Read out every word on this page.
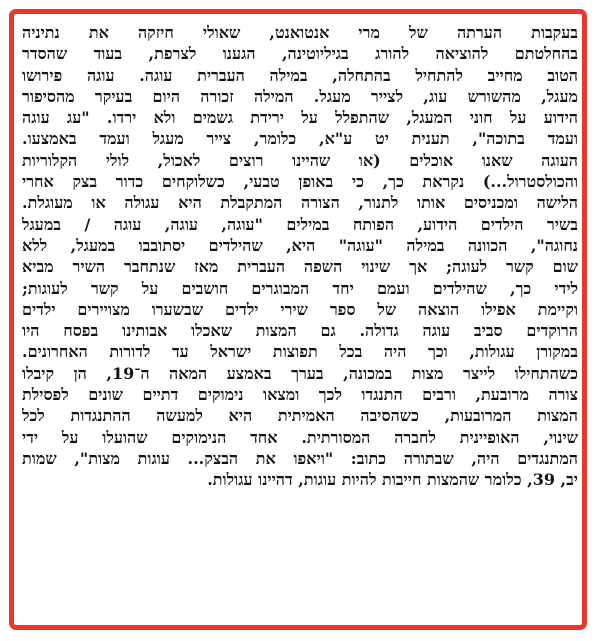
בעקבות הערתה של מרי אנטואנט, שאולי חיזקה את נתיניה
בהחלטתם להוציאה להורג בגיליוטינה, הגענו לצרפת, בעוד שהסדר
הטוב מחייב להתחיל בהתחלה, במילה העברית עוגה. עוגה פירושו
מעגל, מהשורש עוג, לצייר מעגל. המילה זכורה היום בעיקר מהסיפור
הידוע על חוני המעגל, שהתפלל על ירידת גשמים ולא ירדו. "עג עוגה
ועמד בתוכה", תענית יט ע"א, כלומר, צייר מעגל ועמד באמצעו.
העוגה שאנו אוכלים (או שהיינו רוצים לאכול, לולי הקלוריות
והכולסטרול...) נקראת כך, כי באופן טבעי, כשלוקחים כדור בצק אחרי
הלישה ומכניסים אותו לתנור, הצורה המתקבלת היא עגולה או מעוגלת.
בשיר הילדים הידוע, הפותח במילים "עוגה, עוגה, עוגה / במעגל
נחוגה", הכוונה במילה "עוגה" היא, שהילדים יסתובבו במעגל, ללא
שום קשר לעוגה; אך שינוי השפה העברית מאז שנתחבר השיר מביא
לידי כך, שהילדים ועמם יחד המבוגרים חושבים על קשר לעוגות;
וקיימת אפילו הוצאה של ספר שירי ילדים שבשערו מצויירים ילדים
הרוקדים סביב עוגה גדולה. גם המצות שאכלו אבותינו בפסח היו
במקורן עגולות, וכך היה בכל תפוצות ישראל עד לדורות האחרונים.
כשהתחילו לייצר מצות במכונה, בערך באמצע המאה ה־19, הן קיבלו
צורה מרובעת, ורבים התנגדו לכך ומצאו נימוקים דתיים שונים לפסילת
המצות המרובעות, כשהסיבה האמיתית היא למעשה ההתנגדות לכל
שינוי, האופיינית לחברה המסורתית. אחד הנימוקים שהועלו על ידי
המתנגדים היה, שבתורה כתוב: "ויאפו את הבצק... עוגות מצות", שמות
יב, 39, כלומר שהמצות חייבות להיות עוגות, דהיינו עגולות.
